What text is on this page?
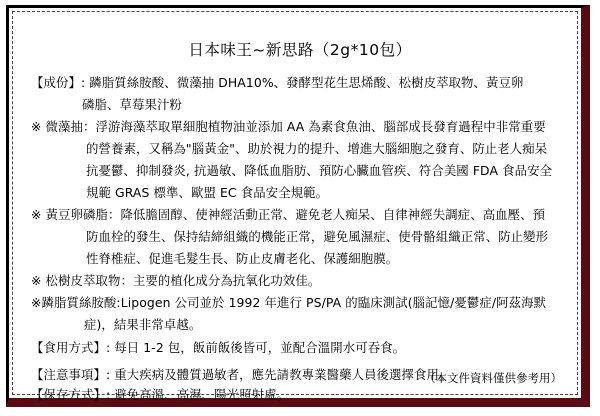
日本味王~新思路（2g*10包）
【成份】: 蹸脂質絲胺酸、微藻抽 DHA10%、發酵型花生思烯酸、松樹皮萃取物、黃豆卵
磷脂、草莓果汁粉
※ 微藻抽：浮游海藻萃取單細胞植物油並添加 AA 為素食魚油、腦部成長發育過程中非常重要
的營養素，又稱為"腦黃金"、助於視力的提升、增進大腦細胞之發育、防止老人痴呆
抗憂鬱、抑制發炎, 抗過敏、降低血脂肪、預防心臟血管疾、符合美國 FDA 食品安全
規範 GRAS 標準、歐盟 EC 食品安全規範。
※ 黃豆卵磷脂：降低膽固醇、使神經活動正常、避免老人痴呆、自律神經失調症、高血壓、預
防血栓的發生、保持結締組織的機能正常，避免風濕症、使骨骼組織正常、防止變形
性脊椎症、促進毛髮生長、防止皮膚老化、保護細胞膜。
※ 松樹皮萃取物：主要的植化成分為抗氧化功效佳。
※蹸脂質絲胺酸:Lipogen 公司並於 1992 年進行 PS/PA 的臨床測試(腦記憶/憂鬱症/阿茲海默
症)，結果非常卓越。
【食用方式】: 每日 1-2 包，飯前飯後皆可，並配合溫開水可吞食。
【注意事項】: 重大疾病及體質過敏者，應先請教專業醫藥人員後選擇食用。
【保存方式】: 避免高溫、高濕、陽光照射處。
（本文件資料僅供參考用）
